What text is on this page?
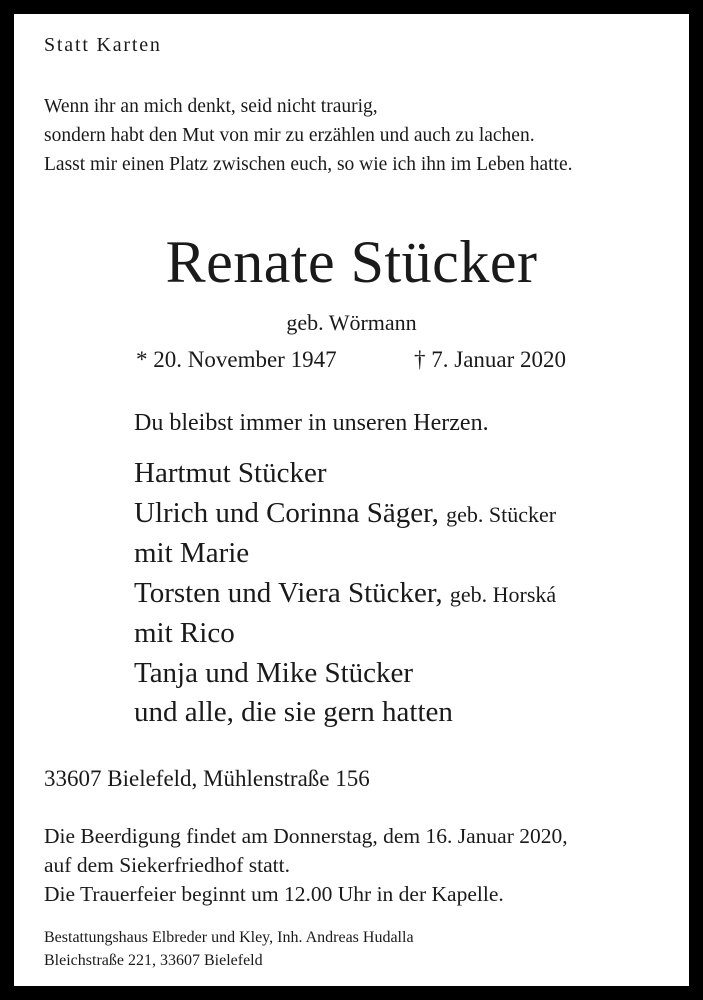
Statt Karten
Wenn ihr an mich denkt, seid nicht traurig,
sondern habt den Mut von mir zu erzählen und auch zu lachen.
Lasst mir einen Platz zwischen euch, so wie ich ihn im Leben hatte.
Renate Stücker
geb. Wörmann
* 20. November 1947	† 7. Januar 2020
Du bleibst immer in unseren Herzen.
Hartmut Stücker
Ulrich und Corinna Säger, geb. Stücker
mit Marie
Torsten und Viera Stücker, geb. Horská
mit Rico
Tanja und Mike Stücker
und alle, die sie gern hatten
33607 Bielefeld, Mühlenstraße 156
Die Beerdigung findet am Donnerstag, dem 16. Januar 2020,
auf dem Siekerfriedhof statt.
Die Trauerfeier beginnt um 12.00 Uhr in der Kapelle.
Bestattungshaus Elbreder und Kley, Inh. Andreas Hudalla
Bleichstraße 221, 33607 Bielefeld
